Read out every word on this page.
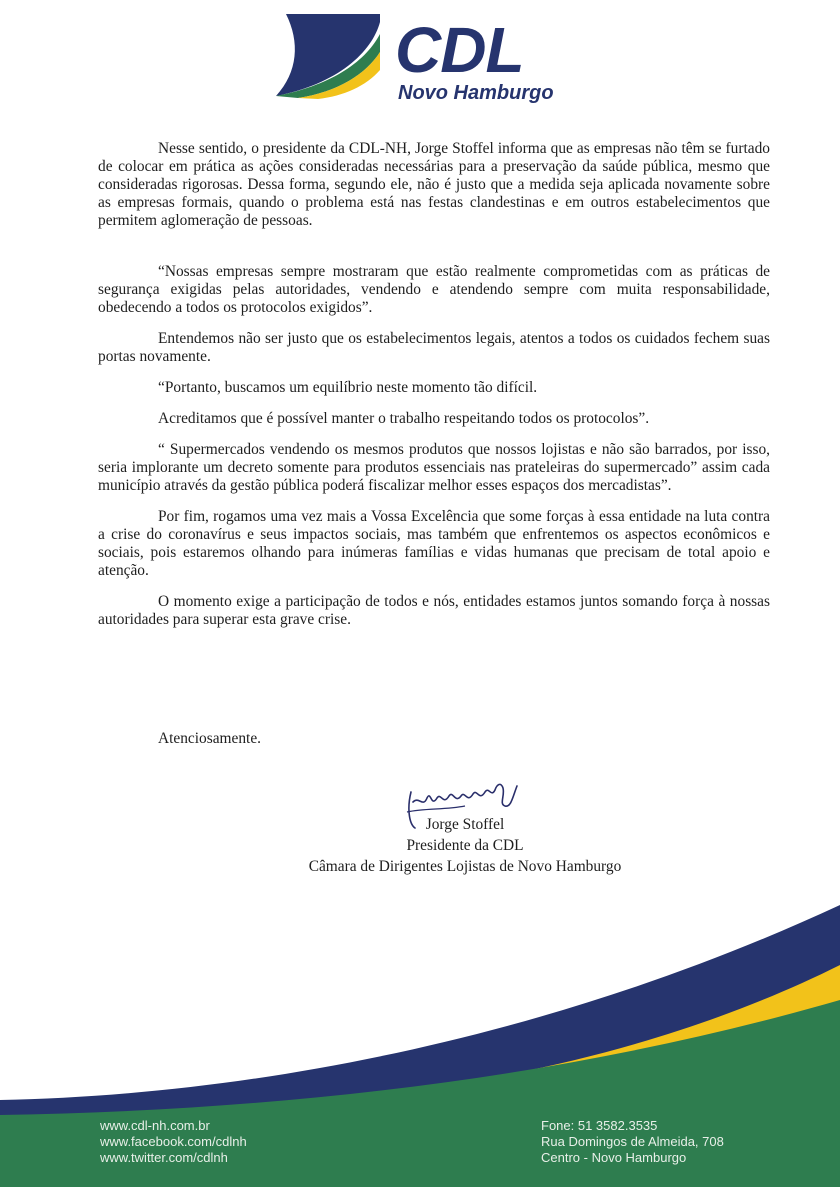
CDL
Novo Hamburgo

Nesse sentido, o presidente da CDL-NH, Jorge Stoffel informa que as empresas não têm se furtado de colocar em prática as ações consideradas necessárias para a preservação da saúde pública, mesmo que consideradas rigorosas. Dessa forma, segundo ele, não é justo que a medida seja aplicada novamente sobre as empresas formais, quando o problema está nas festas clandestinas e em outros estabelecimentos que permitem aglomeração de pessoas.

“Nossas empresas sempre mostraram que estão realmente comprometidas com as práticas de segurança exigidas pelas autoridades, vendendo e atendendo sempre com muita responsabilidade, obedecendo a todos os protocolos exigidos”.

Entendemos não ser justo que os estabelecimentos legais, atentos a todos os cuidados fechem suas portas novamente.

“Portanto, buscamos um equilíbrio neste momento tão difícil.

Acreditamos que é possível manter o trabalho respeitando todos os protocolos”.

“ Supermercados vendendo os mesmos produtos que nossos lojistas e não são barrados, por isso, seria implorante um decreto somente para produtos essenciais nas prateleiras do supermercado” assim cada município através da gestão pública poderá fiscalizar melhor esses espaços dos mercadistas”.

Por fim, rogamos uma vez mais a Vossa Excelência que some forças à essa entidade na luta contra a crise do coronavírus e seus impactos sociais, mas também que enfrentemos os aspectos econômicos e sociais, pois estaremos olhando para inúmeras famílias e vidas humanas que precisam de total apoio e atenção.

O momento exige a participação de todos e nós, entidades estamos juntos somando força à nossas autoridades para superar esta grave crise.

Atenciosamente.
Jorge Stoffel
Presidente da CDL
Câmara de Dirigentes Lojistas de Novo Hamburgo
www.cdl-nh.com.br
www.facebook.com/cdlnh
www.twitter.com/cdlnh
Fone: 51 3582.3535
Rua Domingos de Almeida, 708
Centro - Novo Hamburgo
